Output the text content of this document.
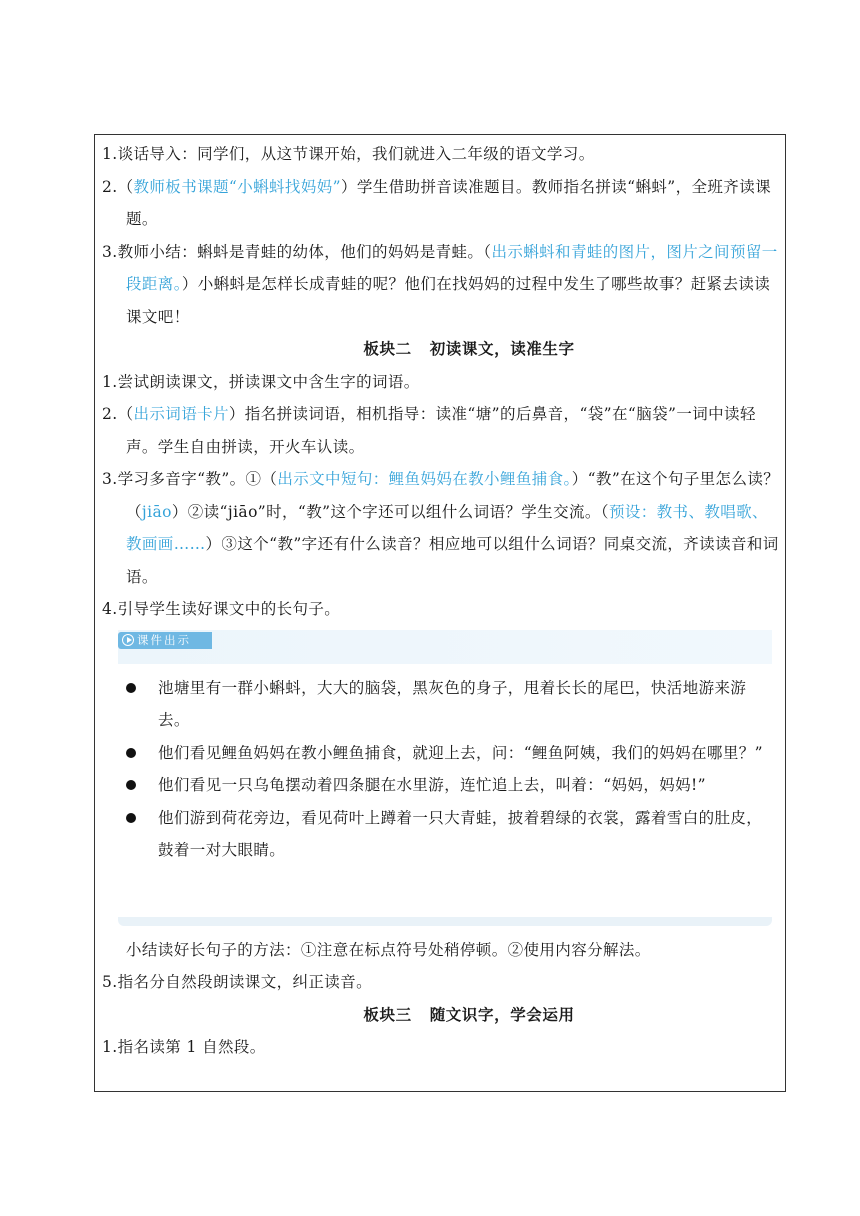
1.谈话导入：同学们，从这节课开始，我们就进入二年级的语文学习。

2.（教师板书课题“小蝌蚪找妈妈”）学生借助拼音读准题目。教师指名拼读“蝌蚪”，全班齐读课题。

3.教师小结：蝌蚪是青蛙的幼体，他们的妈妈是青蛙。（出示蝌蚪和青蛙的图片，图片之间预留一段距离。）小蝌蚪是怎样长成青蛙的呢？他们在找妈妈的过程中发生了哪些故事？赶紧去读读课文吧！

板块二 初读课文，读准生字

1.尝试朗读课文，拼读课文中含生字的词语。

2.（出示词语卡片）指名拼读词语，相机指导：读准“塘”的后鼻音，“袋”在“脑袋”一词中读轻声。学生自由拼读，开火车认读。

3.学习多音字“教”。①（出示文中短句：鲤鱼妈妈在教小鲤鱼捕食。）“教”在这个句子里怎么读？（jiāo）②读“jiāo”时，“教”这个字还可以组什么词语？学生交流。（预设：教书、教唱歌、教画画……）③这个“教”字还有什么读音？相应地可以组什么词语？同桌交流，齐读读音和词语。

4.引导学生读好课文中的长句子。

课件出示

池塘里有一群小蝌蚪，大大的脑袋，黑灰色的身子，甩着长长的尾巴，快活地游来游去。

他们看见鲤鱼妈妈在教小鲤鱼捕食，就迎上去，问：“鲤鱼阿姨，我们的妈妈在哪里？”

他们看见一只乌龟摆动着四条腿在水里游，连忙追上去，叫着：“妈妈，妈妈!”

他们游到荷花旁边，看见荷叶上蹲着一只大青蛙，披着碧绿的衣裳，露着雪白的肚皮，鼓着一对大眼睛。

小结读好长句子的方法：①注意在标点符号处稍停顿。②使用内容分解法。

5.指名分自然段朗读课文，纠正读音。

板块三 随文识字，学会运用

1.指名读第 1 自然段。
